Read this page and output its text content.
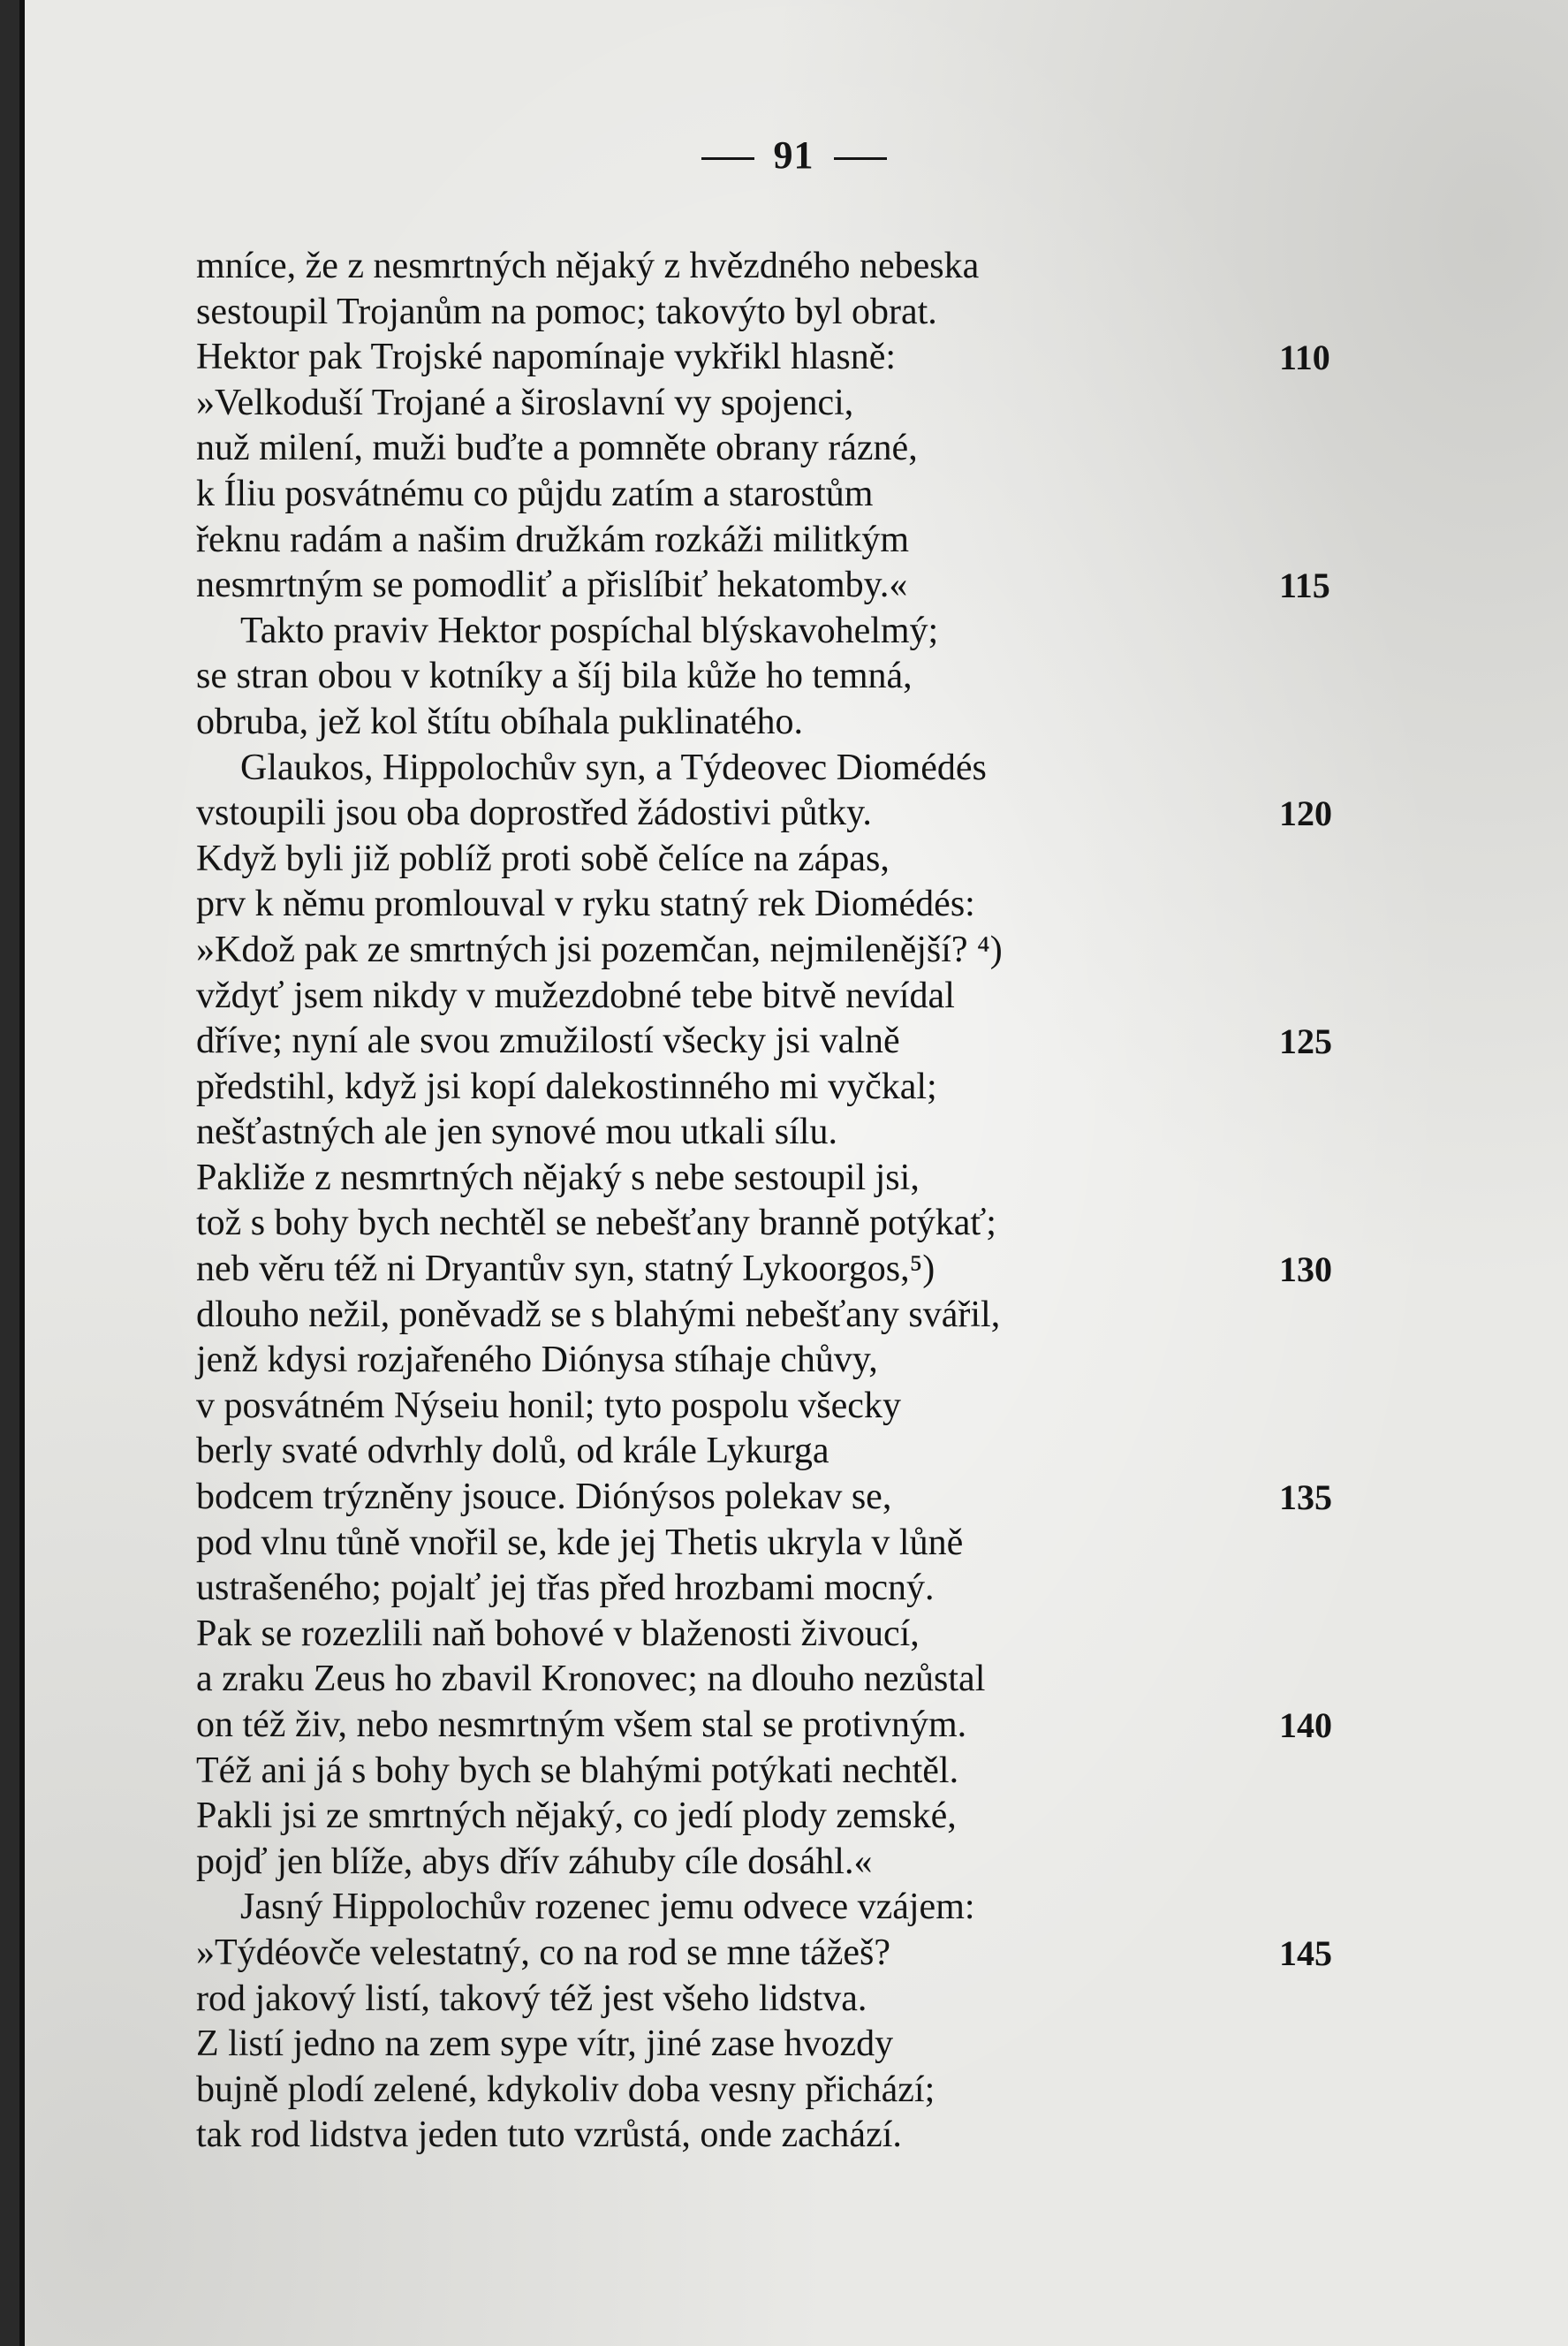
91
mníce, že z nesmrtných nějaký z hvězdného nebeska
sestoupil Trojanům na pomoc; takovýto byl obrat.
Hektor pak Trojské napomínaje vykřikl hlasně:	110
»Velkoduší Trojané a široslavní vy spojenci,
nuž milení, muži buďte a pomněte obrany rázné,
k Íliu posvátnému co půjdu zatím a starostům
řeknu radám a našim družkám rozkáži militkým
nesmrtným se pomodliť a přislíbiť hekatomby.«	115
Takto praviv Hektor pospíchal blýskavohelmý;
se stran obou v kotníky a šíj bila kůže ho temná,
obruba, jež kol štítu obíhala puklinatého.
Glaukos, Hippolochův syn, a Týdeovec Diomédés
vstoupili jsou oba doprostřed žádostivi půtky.	120
Když byli již poblíž proti sobě čelíce na zápas,
prv k němu promlouval v ryku statný rek Diomédés:
»Kdož pak ze smrtných jsi pozemčan, nejmilenější? ⁴)
vždyť jsem nikdy v mužezdobné tebe bitvě nevídal
dříve; nyní ale svou zmužilostí všecky jsi valně	125
předstihl, když jsi kopí dalekostinného mi vyčkal;
nešťastných ale jen synové mou utkali sílu.
Pakliže z nesmrtných nějaký s nebe sestoupil jsi,
tož s bohy bych nechtěl se nebešťany branně potýkať;
neb věru též ni Dryantův syn, statný Lykoorgos,⁵)	130
dlouho nežil, poněvadž se s blahými nebešťany svářil,
jenž kdysi rozjařeného Diónysa stíhaje chůvy,
v posvátném Nýseiu honil; tyto pospolu všecky
berly svaté odvrhly dolů, od krále Lykurga
bodcem trýzněny jsouce. Diónýsos polekav se,	135
pod vlnu tůně vnořil se, kde jej Thetis ukryla v lůně
ustrašeného; pojalť jej třas před hrozbami mocný.
Pak se rozezlili naň bohové v blaženosti živoucí,
a zraku Zeus ho zbavil Kronovec; na dlouho nezůstal
on též živ, nebo nesmrtným všem stal se protivným.	140
Též ani já s bohy bych se blahými potýkati nechtěl.
Pakli jsi ze smrtných nějaký, co jedí plody zemské,
pojď jen blíže, abys dřív záhuby cíle dosáhl.«
Jasný Hippolochův rozenec jemu odvece vzájem:
»Týdéovče velestatný, co na rod se mne tážeš?	145
rod jakový listí, takový též jest všeho lidstva.
Z listí jedno na zem sype vítr, jiné zase hvozdy
bujně plodí zelené, kdykoliv doba vesny přichází;
tak rod lidstva jeden tuto vzrůstá, onde zachází.
